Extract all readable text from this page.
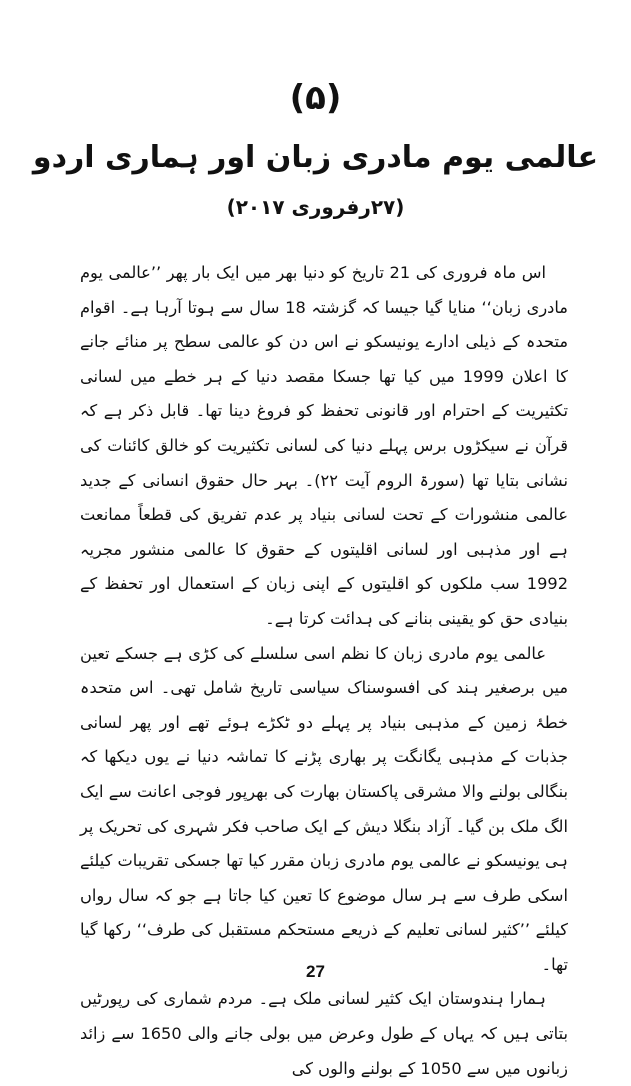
(۵)
عالمی یوم مادری زبان اور ہماری اردو
(۲۷رفروری ۲۰۱۷)

اس ماہ فروری کی 21 تاریخ کو دنیا بھر میں ایک بار پھر ’’عالمی یوم مادری زبان‘‘ منایا گیا جیسا کہ گزشتہ 18 سال سے ہوتا آرہا ہے۔ اقوام متحدہ کے ذیلی ادارے یونیسکو نے اس دن کو عالمی سطح پر منائے جانے کا اعلان 1999 میں کیا تھا جسکا مقصد دنیا کے ہر خطے میں لسانی تکثیریت کے احترام اور قانونی تحفظ کو فروغ دینا تھا۔ قابل ذکر ہے کہ قرآن نے سیکڑوں برس پہلے دنیا کی لسانی تکثیریت کو خالق کائنات کی نشانی بتایا تھا (سورۃ الروم آیت ۲۲)۔ بہر حال حقوق انسانی کے جدید عالمی منشورات کے تحت لسانی بنیاد پر عدم تفریق کی قطعاً ممانعت ہے اور مذہبی اور لسانی اقلیتوں کے حقوق کا عالمی منشور مجریہ 1992 سب ملکوں کو اقلیتوں کے اپنی زبان کے استعمال اور تحفظ کے بنیادی حق کو یقینی بنانے کی ہدائت کرتا ہے۔

عالمی یوم مادری زبان کا نظم اسی سلسلے کی کڑی ہے جسکے تعین میں برصغیر ہند کی افسوسناک سیاسی تاریخ شامل تھی۔ اس متحدہ خطۂ زمین کے مذہبی بنیاد پر پہلے دو ٹکڑے ہوئے تھے اور پھر لسانی جذبات کے مذہبی یگانگت پر بھاری پڑنے کا تماشہ دنیا نے یوں دیکھا کہ بنگالی بولنے والا مشرقی پاکستان بھارت کی بھرپور فوجی اعانت سے ایک الگ ملک بن گیا۔ آزاد بنگلا دیش کے ایک صاحب فکر شہری کی تحریک پر ہی یونیسکو نے عالمی یوم مادری زبان مقرر کیا تھا جسکی تقریبات کیلئے اسکی طرف سے ہر سال موضوع کا تعین کیا جاتا ہے جو کہ سال رواں کیلئے ’’کثیر لسانی تعلیم کے ذریعے مستحکم مستقبل کی طرف‘‘ رکھا گیا تھا۔

ہمارا ہندوستان ایک کثیر لسانی ملک ہے۔ مردم شماری کی رپورٹیں بتاتی ہیں کہ یہاں کے طول وعرض میں بولی جانے والی 1650 سے زائد زبانوں میں سے 1050 کے بولنے والوں کی

27
